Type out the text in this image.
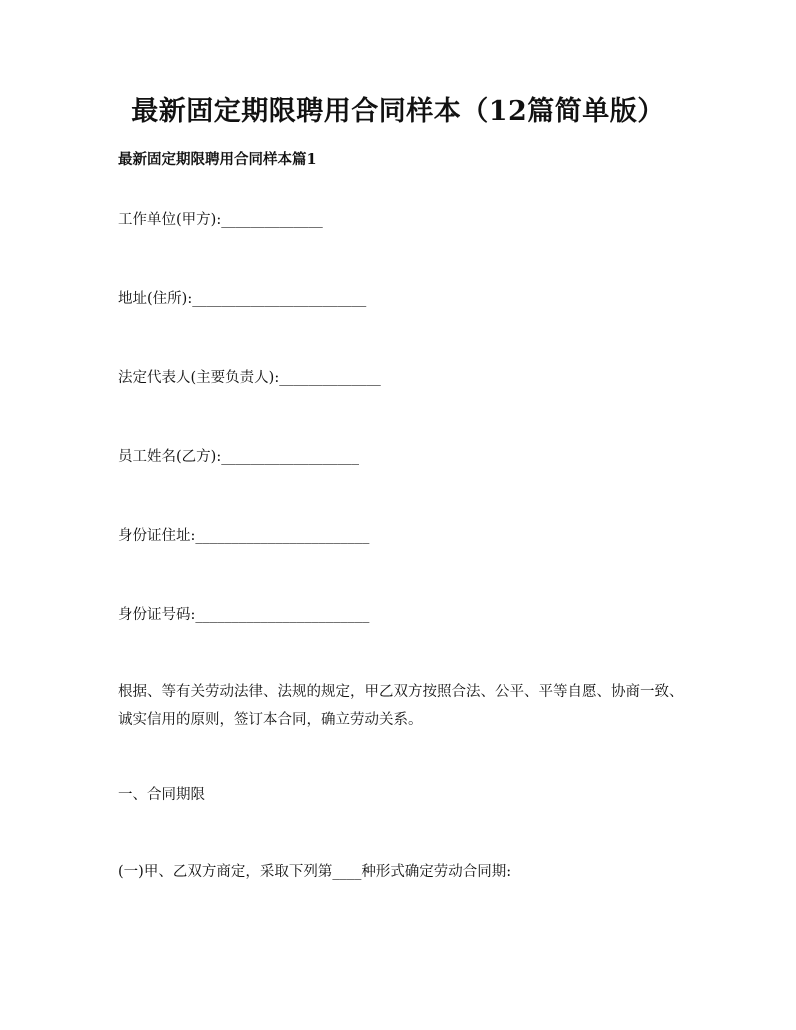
最新固定期限聘用合同样本（12篇简单版）
最新固定期限聘用合同样本篇1
工作单位(甲方):______________
地址(住所):________________________
法定代表人(主要负责人):______________
员工姓名(乙方):___________________
身份证住址:________________________
身份证号码:________________________
根据、等有关劳动法律、法规的规定，甲乙双方按照合法、公平、平等自愿、协商一致、诚实信用的原则，签订本合同，确立劳动关系。
一、合同期限
(一)甲、乙双方商定，采取下列第____种形式确定劳动合同期:
